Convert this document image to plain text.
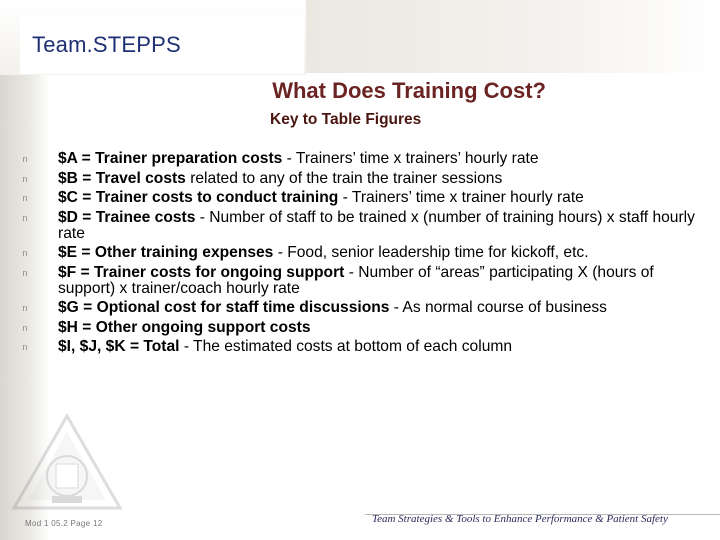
Team.STEPPS
What Does Training Cost?
Key to Table Figures
n $A = Trainer preparation costs - Trainers’ time x trainers’ hourly rate
n $B = Travel costs related to any of the train the trainer sessions
n $C = Trainer costs to conduct training - Trainers’ time x trainer hourly rate
n $D = Trainee costs - Number of staff to be trained x (number of training hours) x staff hourly rate
n $E = Other training expenses - Food, senior leadership time for kickoff, etc.
n $F = Trainer costs for ongoing support - Number of “areas” participating X (hours of support) x trainer/coach hourly rate
n $G = Optional cost for staff time discussions - As normal course of business
n $H = Other ongoing support costs
n $I, $J, $K = Total - The estimated costs at bottom of each column
Mod 1 05.2 Page 12	Team Strategies & Tools to Enhance Performance & Patient Safety
